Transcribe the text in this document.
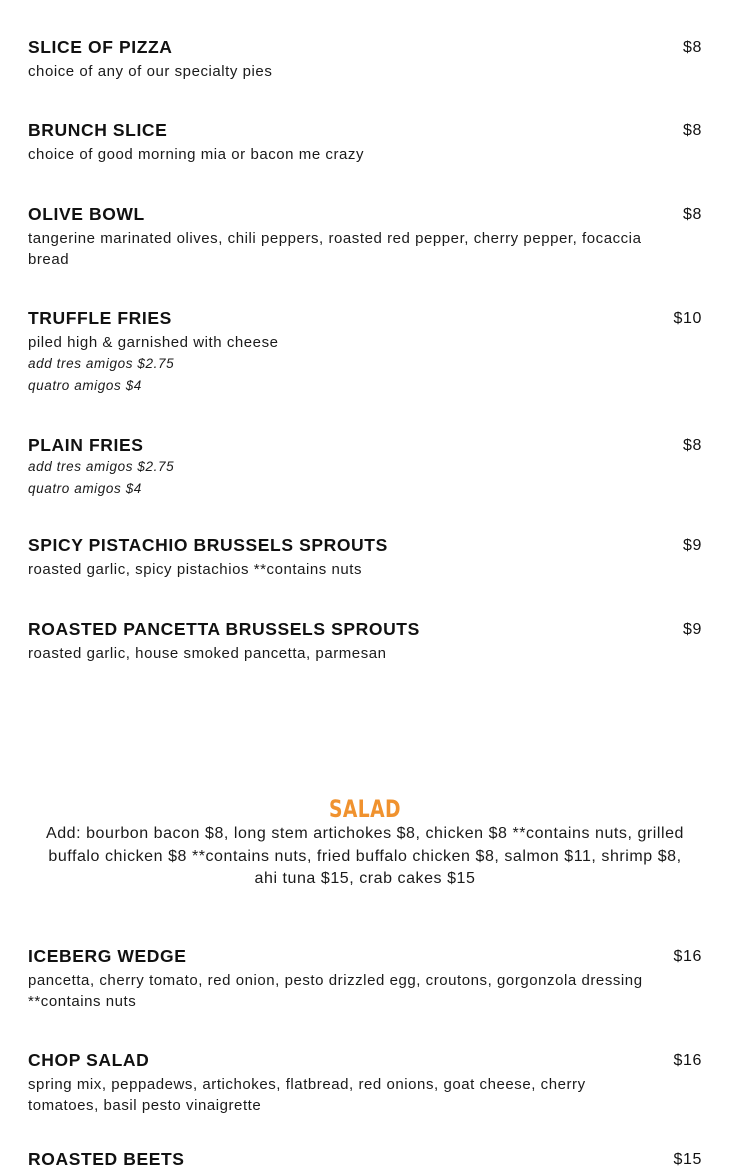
SLICE OF PIZZA	$8
choice of any of our specialty pies
BRUNCH SLICE	$8
choice of good morning mia or bacon me crazy
OLIVE BOWL	$8
tangerine marinated olives, chili peppers, roasted red pepper, cherry pepper, focaccia bread
TRUFFLE FRIES	$10
piled high & garnished with cheese
add tres amigos $2.75
quatro amigos $4
PLAIN FRIES	$8
add tres amigos $2.75
quatro amigos $4
SPICY PISTACHIO BRUSSELS SPROUTS	$9
roasted garlic, spicy pistachios **contains nuts
ROASTED PANCETTA BRUSSELS SPROUTS	$9
roasted garlic, house smoked pancetta, parmesan
SALAD
Add: bourbon bacon $8, long stem artichokes $8, chicken $8 **contains nuts, grilled buffalo chicken $8 **contains nuts, fried buffalo chicken $8, salmon $11, shrimp $8, ahi tuna $15, crab cakes $15
ICEBERG WEDGE	$16
pancetta, cherry tomato, red onion, pesto drizzled egg, croutons, gorgonzola dressing **contains nuts
CHOP SALAD	$16
spring mix, peppadews, artichokes, flatbread, red onions, goat cheese, cherry tomatoes, basil pesto vinaigrette
ROASTED BEETS	$15
